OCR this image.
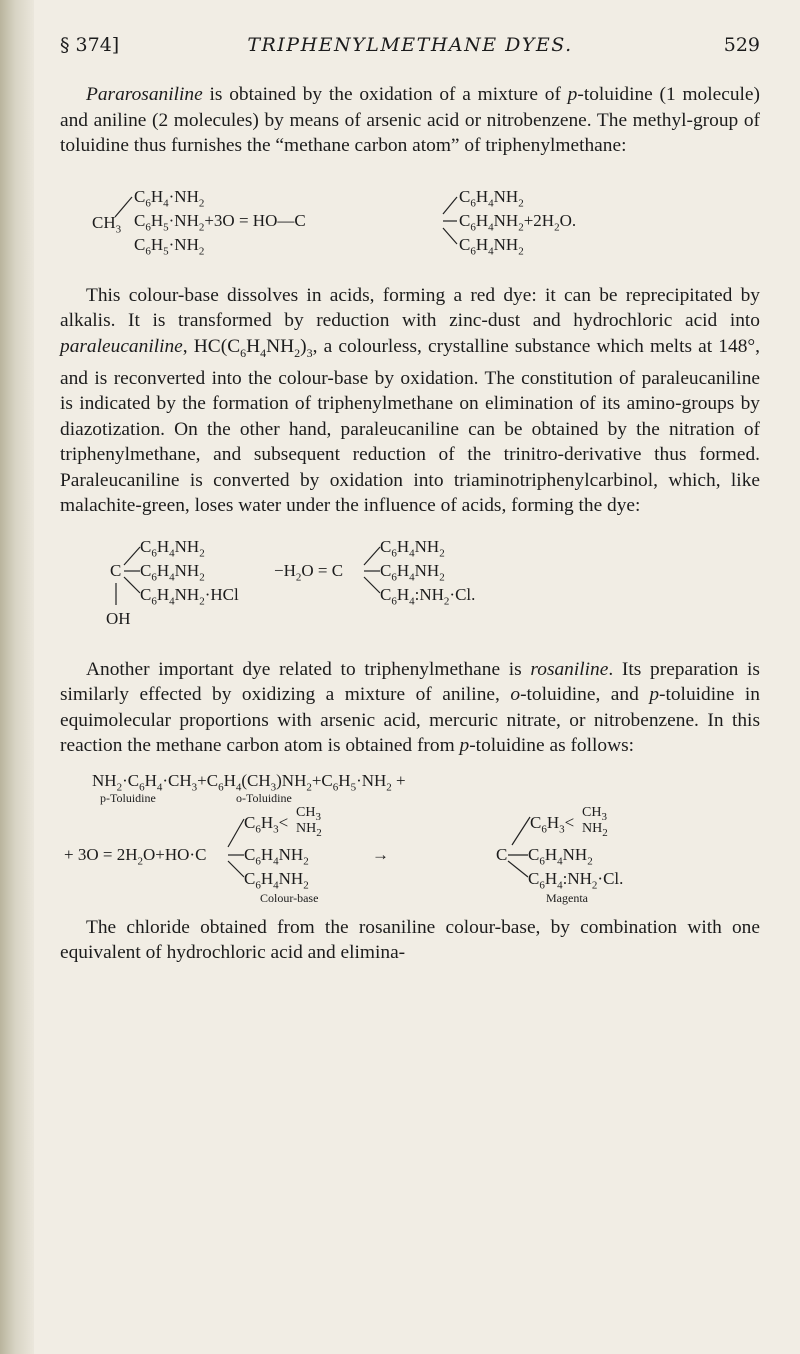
§ 374]	TRIPHENYLMETHANE DYES.	529

Pararosaniline is obtained by the oxidation of a mixture of p-toluidine (1 molecule) and aniline (2 molecules) by means of arsenic acid or nitrobenzene. The methyl-group of toluidine thus furnishes the “methane carbon atom” of triphenylmethane:

$CH_3$
$C_6H_4\cdot NH_2$
$C_6H_5\cdot NH_2+3O$ = HO—C
$C_6H_5\cdot NH_2$
$C_6H_4NH_2$
$C_6H_4NH_2+2H_2O$.
$C_6H_4NH_2$

This colour-base dissolves in acids, forming a red dye: it can be reprecipitated by alkalis. It is transformed by reduction with zinc-dust and hydrochloric acid into paraleucaniline, $HC(C_6H_4NH_2)_3$, a colourless, crystalline substance which melts at 148°, and is reconverted into the colour-base by oxidation. The constitution of paraleucaniline is indicated by the formation of triphenylmethane on elimination of its amino-groups by diazotization. On the other hand, paraleucaniline can be obtained by the nitration of triphenylmethane, and subsequent reduction of the trinitro-derivative thus formed. Paraleucaniline is converted by oxidation into triaminotriphenylcarbinol, which, like malachite-green, loses water under the influence of acids, forming the dye:

$C_6H_4NH_2$
C $C_6H_4NH_2$	$-H_2O = C$
$C_6H_4NH_2\cdot HCl$
OH
$C_6H_4NH_2$
$C_6H_4NH_2$
$C_6H_4:NH_2\cdot Cl$.

Another important dye related to triphenylmethane is rosaniline. Its preparation is similarly effected by oxidizing a mixture of aniline, o-toluidine, and p-toluidine in equimolecular proportions with arsenic acid, mercuric nitrate, or nitrobenzene. In this reaction the methane carbon atom is obtained from p-toluidine as follows:

$NH_2\cdot C_6H_4\cdot CH_3+C_6H_4(CH_3)NH_2+C_6H_5\cdot NH_2$ +
p-Toluidine	o-Toluidine
$C_6H_3<$
$CH_3$
$NH_2$
+ $3O = 2H_2O+HO\cdot C$ $C_6H_4NH_2$	→
$C_6H_4NH_2$
Colour-base
$C_6H_3<$
$CH_3$
$NH_2$
C $C_6H_4NH_2$
$C_6H_4:NH_2\cdot Cl$.
Magenta

The chloride obtained from the rosaniline colour-base, by combination with one equivalent of hydrochloric acid and elimina-
